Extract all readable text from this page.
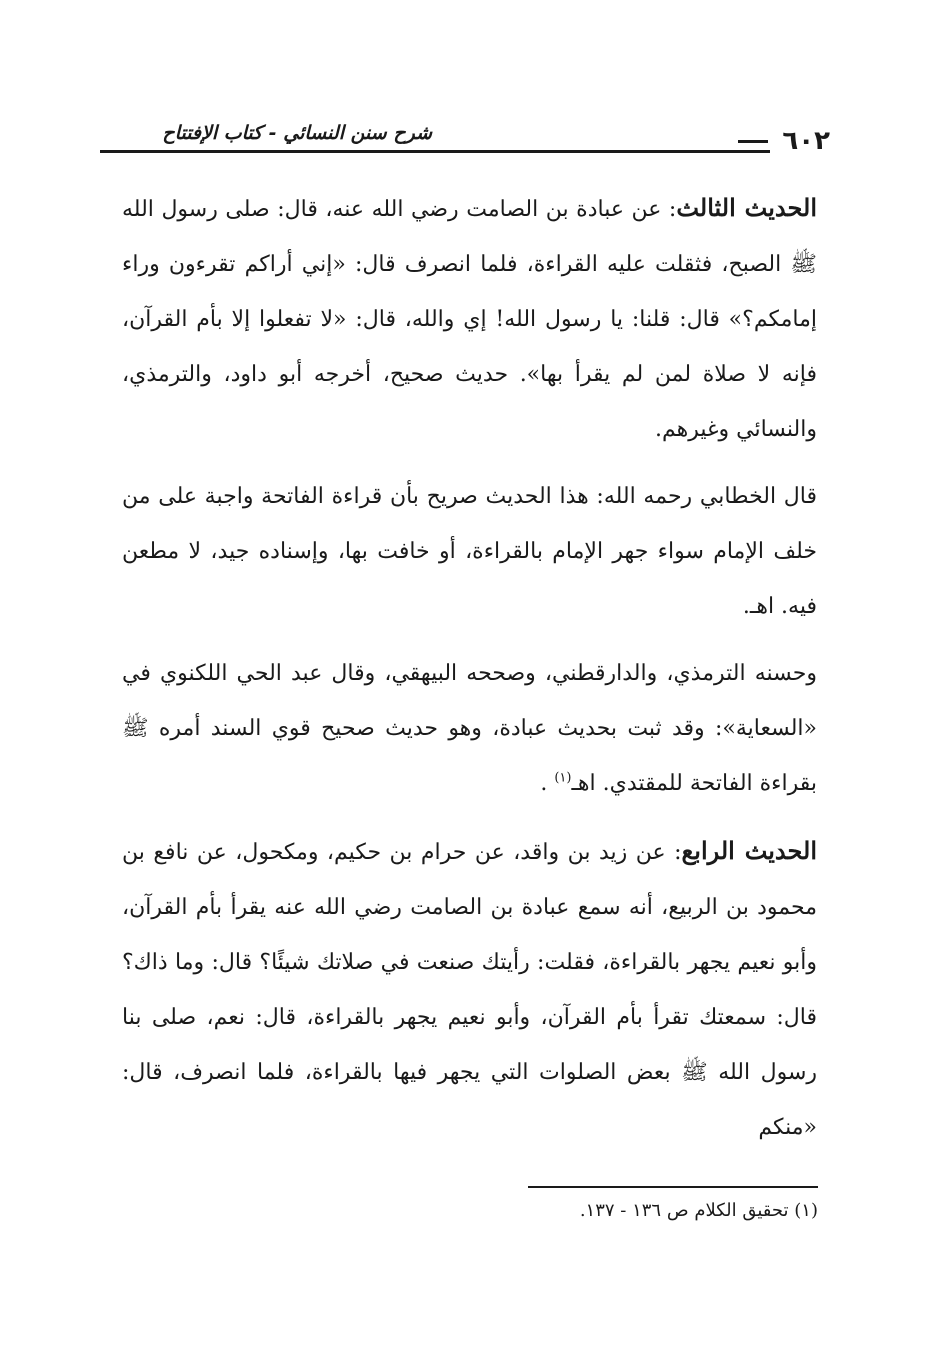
شرح سنن النسائي - كتاب الإفتتاح	٦٠٢

الحديث الثالث: عن عبادة بن الصامت رضي الله عنه، قال: صلى رسول الله ﷺ الصبح، فثقلت عليه القراءة، فلما انصرف قال: «إني أراكم تقرءون وراء إمامكم؟» قال: قلنا: يا رسول الله! إي والله، قال: «لا تفعلوا إلا بأم القرآن، فإنه لا صلاة لمن لم يقرأ بها». حديث صحيح، أخرجه أبو داود، والترمذي، والنسائي وغيرهم.

قال الخطابي رحمه الله: هذا الحديث صريح بأن قراءة الفاتحة واجبة على من خلف الإمام سواء جهر الإمام بالقراءة، أو خافت بها، وإسناده جيد، لا مطعن فيه. اهـ.

وحسنه الترمذي، والدارقطني، وصححه البيهقي، وقال عبد الحي اللكنوي في «السعاية»: وقد ثبت بحديث عبادة، وهو حديث صحيح قوي السند أمره ﷺ بقراءة الفاتحة للمقتدي. اهـ$^{(١)}$ .

الحديث الرابع: عن زيد بن واقد، عن حرام بن حكيم، ومكحول، عن نافع بن محمود بن الربيع، أنه سمع عبادة بن الصامت رضي الله عنه يقرأ بأم القرآن، وأبو نعيم يجهر بالقراءة، فقلت: رأيتك صنعت في صلاتك شيئًا؟ قال: وما ذاك؟ قال: سمعتك تقرأ بأم القرآن، وأبو نعيم يجهر بالقراءة، قال: نعم، صلى بنا رسول الله ﷺ بعض الصلوات التي يجهر فيها بالقراءة، فلما انصرف، قال: «منكم

(١) تحقيق الكلام ص ١٣٦ - ١٣٧.
